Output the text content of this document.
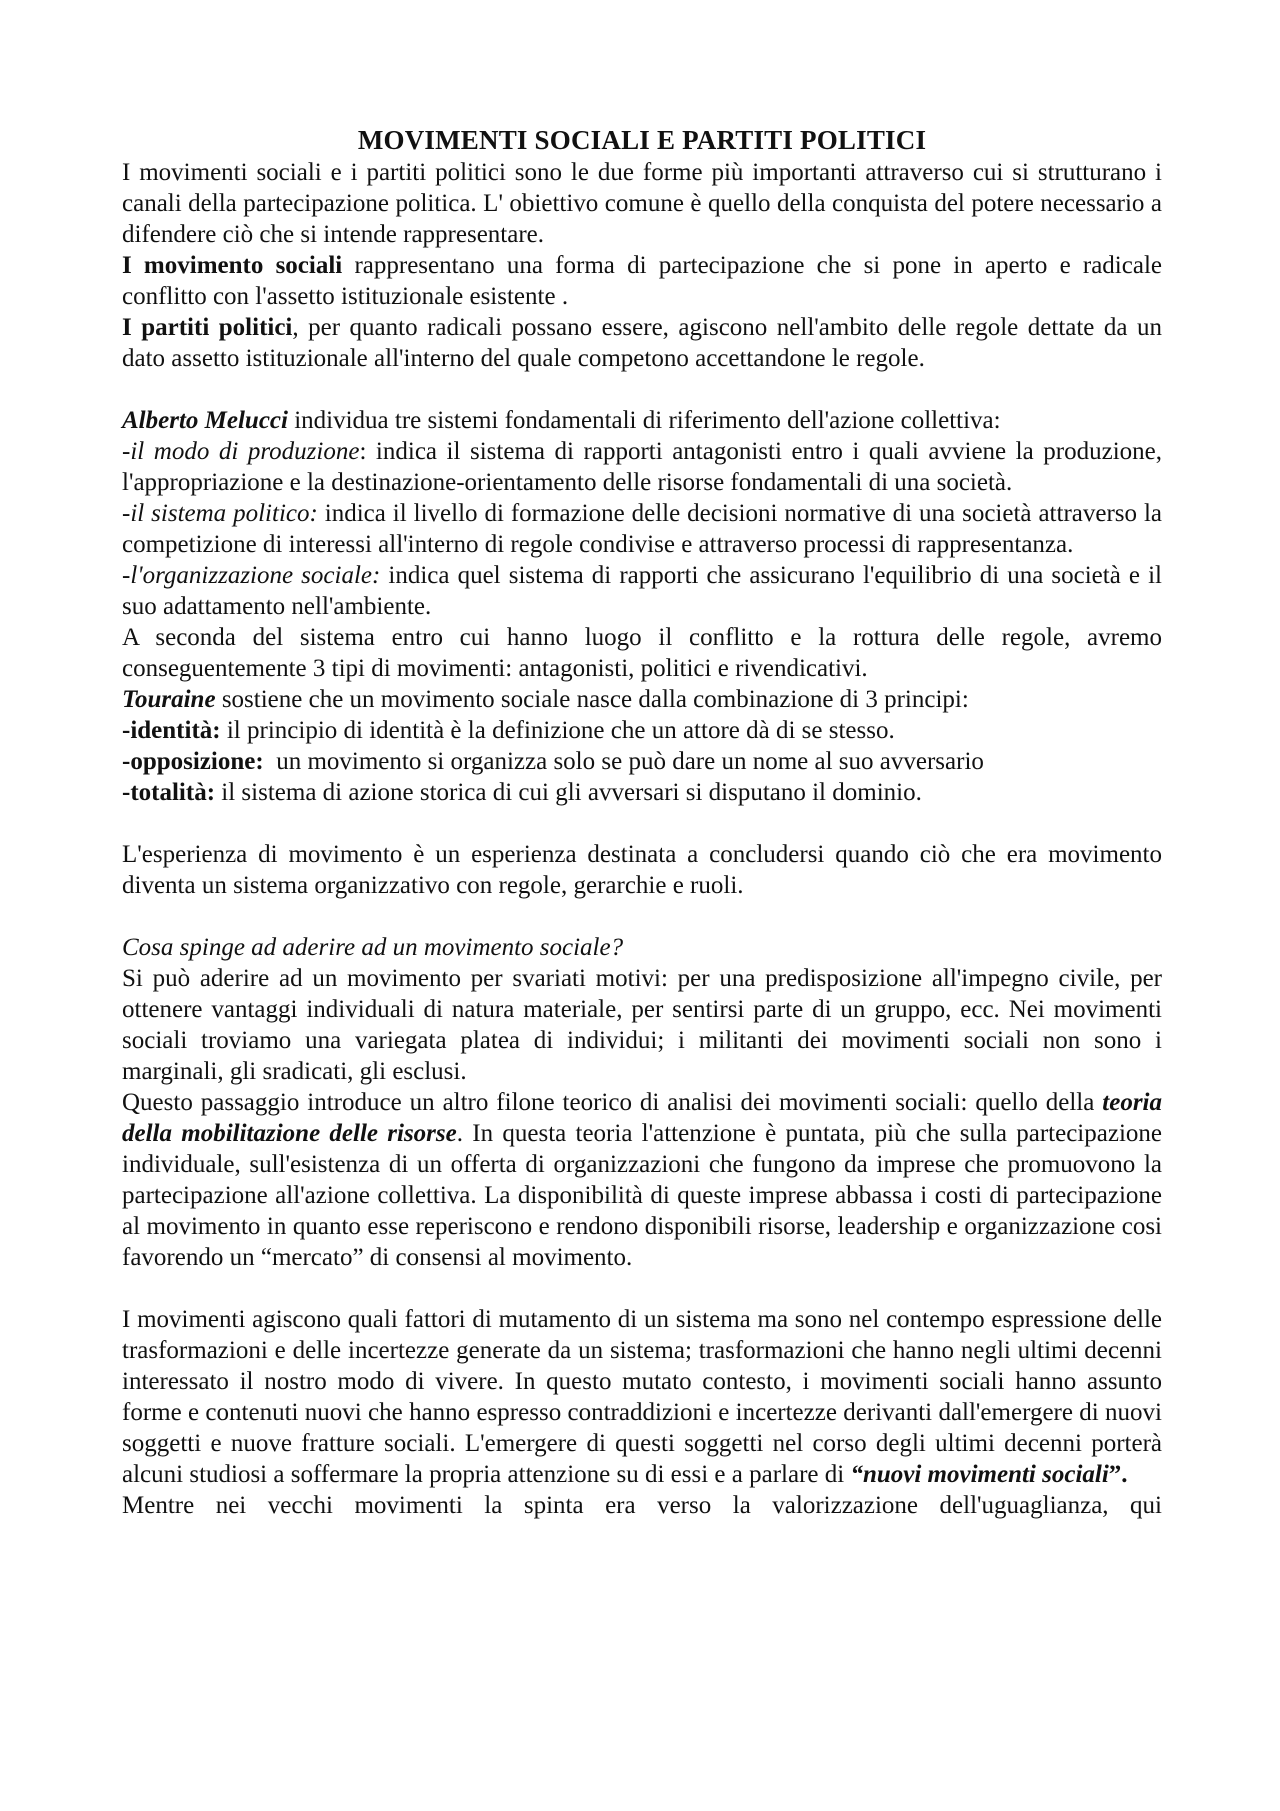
MOVIMENTI SOCIALI E PARTITI POLITICI

I movimenti sociali e i partiti politici sono le due forme più importanti attraverso cui si strutturano i canali della partecipazione politica. L' obiettivo comune è quello della conquista del potere necessario a difendere ciò che si intende rappresentare.

I movimento sociali rappresentano una forma di partecipazione che si pone in aperto e radicale conflitto con l'assetto istituzionale esistente .

I partiti politici, per quanto radicali possano essere, agiscono nell'ambito delle regole dettate da un dato assetto istituzionale all'interno del quale competono accettandone le regole.

Alberto Melucci individua tre sistemi fondamentali di riferimento dell'azione collettiva:

-il modo di produzione: indica il sistema di rapporti antagonisti entro i quali avviene la produzione, l'appropriazione e la destinazione-orientamento delle risorse fondamentali di una società.

-il sistema politico: indica il livello di formazione delle decisioni normative di una società attraverso la competizione di interessi all'interno di regole condivise e attraverso processi di rappresentanza.

-l'organizzazione sociale: indica quel sistema di rapporti che assicurano l'equilibrio di una società e il suo adattamento nell'ambiente.

A seconda del sistema entro cui hanno luogo il conflitto e la rottura delle regole, avremo conseguentemente 3 tipi di movimenti: antagonisti, politici e rivendicativi.

Touraine sostiene che un movimento sociale nasce dalla combinazione di 3 principi:

-identità: il principio di identità è la definizione che un attore dà di se stesso.

-opposizione:  un movimento si organizza solo se può dare un nome al suo avversario

-totalità: il sistema di azione storica di cui gli avversari si disputano il dominio.

L'esperienza di movimento è un esperienza destinata a concludersi quando ciò che era movimento diventa un sistema organizzativo con regole, gerarchie e ruoli.

Cosa spinge ad aderire ad un movimento sociale?

Si può aderire ad un movimento per svariati motivi: per una predisposizione all'impegno civile, per ottenere vantaggi individuali di natura materiale, per sentirsi parte di un gruppo, ecc. Nei movimenti sociali troviamo una variegata platea di individui; i militanti dei movimenti sociali non sono i marginali, gli sradicati, gli esclusi.

Questo passaggio introduce un altro filone teorico di analisi dei movimenti sociali: quello della teoria della mobilitazione delle risorse. In questa teoria l'attenzione è puntata, più che sulla partecipazione individuale, sull'esistenza di un offerta di organizzazioni che fungono da imprese che promuovono la partecipazione all'azione collettiva. La disponibilità di queste imprese abbassa i costi di partecipazione al movimento in quanto esse reperiscono e rendono disponibili risorse, leadership e organizzazione cosi favorendo un “mercato” di consensi al movimento.

I movimenti agiscono quali fattori di mutamento di un sistema ma sono nel contempo espressione delle trasformazioni e delle incertezze generate da un sistema; trasformazioni che hanno negli ultimi decenni interessato il nostro modo di vivere. In questo mutato contesto, i movimenti sociali hanno assunto forme e contenuti nuovi che hanno espresso contraddizioni e incertezze derivanti dall'emergere di nuovi soggetti e nuove fratture sociali. L'emergere di questi soggetti nel corso degli ultimi decenni porterà alcuni studiosi a soffermare la propria attenzione su di essi e a parlare di “nuovi movimenti sociali”.

Mentre nei vecchi movimenti la spinta era verso la valorizzazione dell'uguaglianza, qui
